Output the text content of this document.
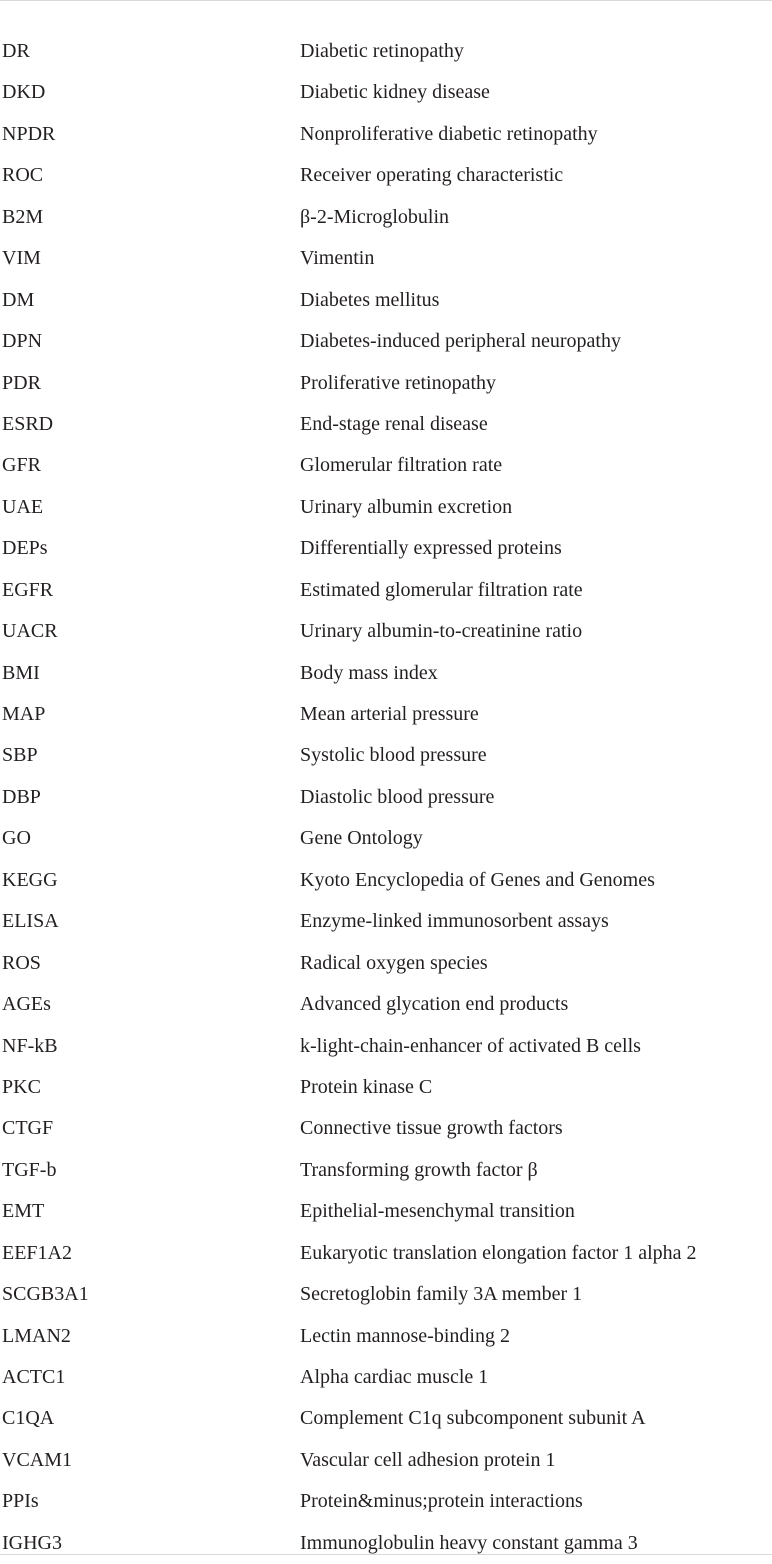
DR	Diabetic retinopathy
DKD	Diabetic kidney disease
NPDR	Nonproliferative diabetic retinopathy
ROC	Receiver operating characteristic
B2M	β-2-Microglobulin
VIM	Vimentin
DM	Diabetes mellitus
DPN	Diabetes-induced peripheral neuropathy
PDR	Proliferative retinopathy
ESRD	End-stage renal disease
GFR	Glomerular filtration rate
UAE	Urinary albumin excretion
DEPs	Differentially expressed proteins
EGFR	Estimated glomerular filtration rate
UACR	Urinary albumin-to-creatinine ratio
BMI	Body mass index
MAP	Mean arterial pressure
SBP	Systolic blood pressure
DBP	Diastolic blood pressure
GO	Gene Ontology
KEGG	Kyoto Encyclopedia of Genes and Genomes
ELISA	Enzyme-linked immunosorbent assays
ROS	Radical oxygen species
AGEs	Advanced glycation end products
NF-kB	k-light-chain-enhancer of activated B cells
PKC	Protein kinase C
CTGF	Connective tissue growth factors
TGF-b	Transforming growth factor β
EMT	Epithelial-mesenchymal transition
EEF1A2	Eukaryotic translation elongation factor 1 alpha 2
SCGB3A1	Secretoglobin family 3A member 1
LMAN2	Lectin mannose-binding 2
ACTC1	Alpha cardiac muscle 1
C1QA	Complement C1q subcomponent subunit A
VCAM1	Vascular cell adhesion protein 1
PPIs	Protein&minus;protein interactions
IGHG3	Immunoglobulin heavy constant gamma 3
